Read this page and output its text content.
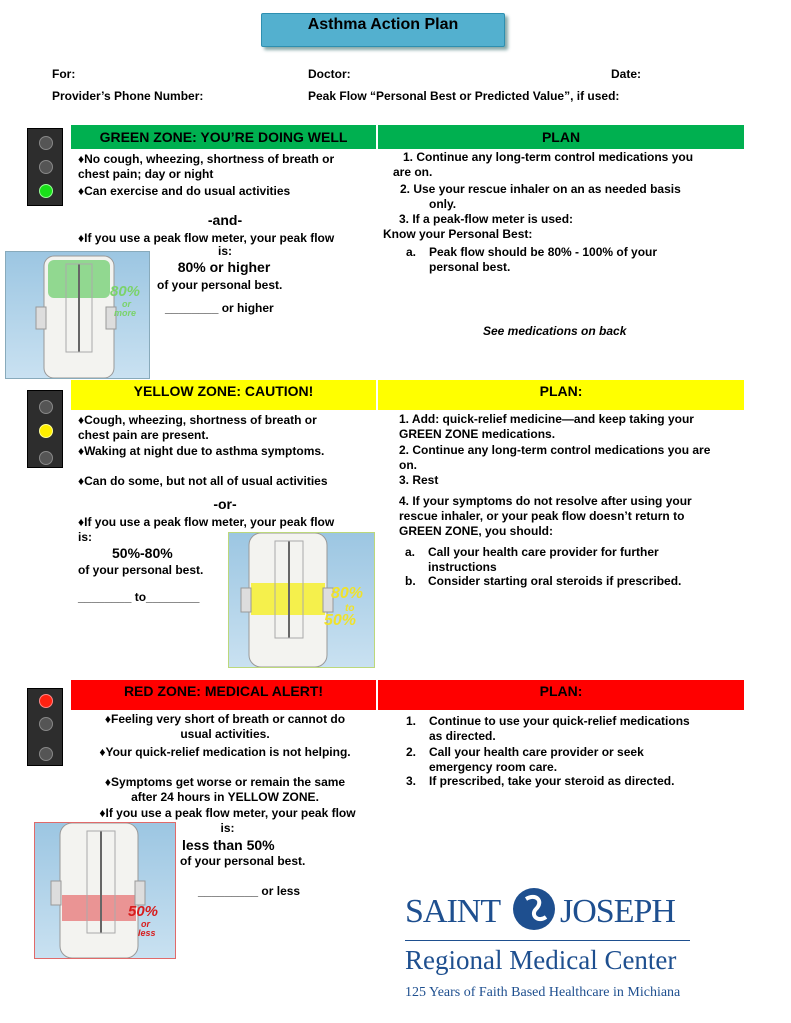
Asthma Action Plan
For:	Doctor:	Date:
Provider’s Phone Number:	Peak Flow “Personal Best or Predicted Value”, if used:
GREEN ZONE: YOU’RE DOING WELL	PLAN
♦No cough, wheezing, shortness of breath or
chest pain; day or night
♦Can exercise and do usual activities
-and-
♦If you use a peak flow meter, your peak flow
is:
80% or higher
of your personal best.
________ or higher
80%
or
more
1. Continue any long-term control medications you
are on.
2. Use your rescue inhaler on an as needed basis
only.
3. If a peak-flow meter is used:
Know your Personal Best:
a. Peak flow should be 80% - 100% of your
personal best.
See medications on back
YELLOW ZONE: CAUTION!	PLAN:
♦Cough, wheezing, shortness of breath or
chest pain are present.
♦Waking at night due to asthma symptoms.
♦Can do some, but not all of usual activities
-or-
♦If you use a peak flow meter, your peak flow
is:
50%-80%
of your personal best.
________ to________	80%
to
50%
1. Add: quick-relief medicine—and keep taking your
GREEN ZONE medications.
2. Continue any long-term control medications you are
on.
3. Rest
4. If your symptoms do not resolve after using your
rescue inhaler, or your peak flow doesn’t return to
GREEN ZONE, you should:
a. Call your health care provider for further
instructions
b. Consider starting oral steroids if prescribed.
RED ZONE: MEDICAL ALERT!	PLAN:
♦Feeling very short of breath or cannot do
usual activities.
♦Your quick-relief medication is not helping.
♦Symptoms get worse or remain the same
after 24 hours in YELLOW ZONE.
♦If you use a peak flow meter, your peak flow
is:
less than 50%
of your personal best.
_________ or less
50%
or
less
1. Continue to use your quick-relief medications
as directed.
2. Call your health care provider or seek
emergency room care.
3. If prescribed, take your steroid as directed.
SAINT JOSEPH
Regional Medical Center
125 Years of Faith Based Healthcare in Michiana
